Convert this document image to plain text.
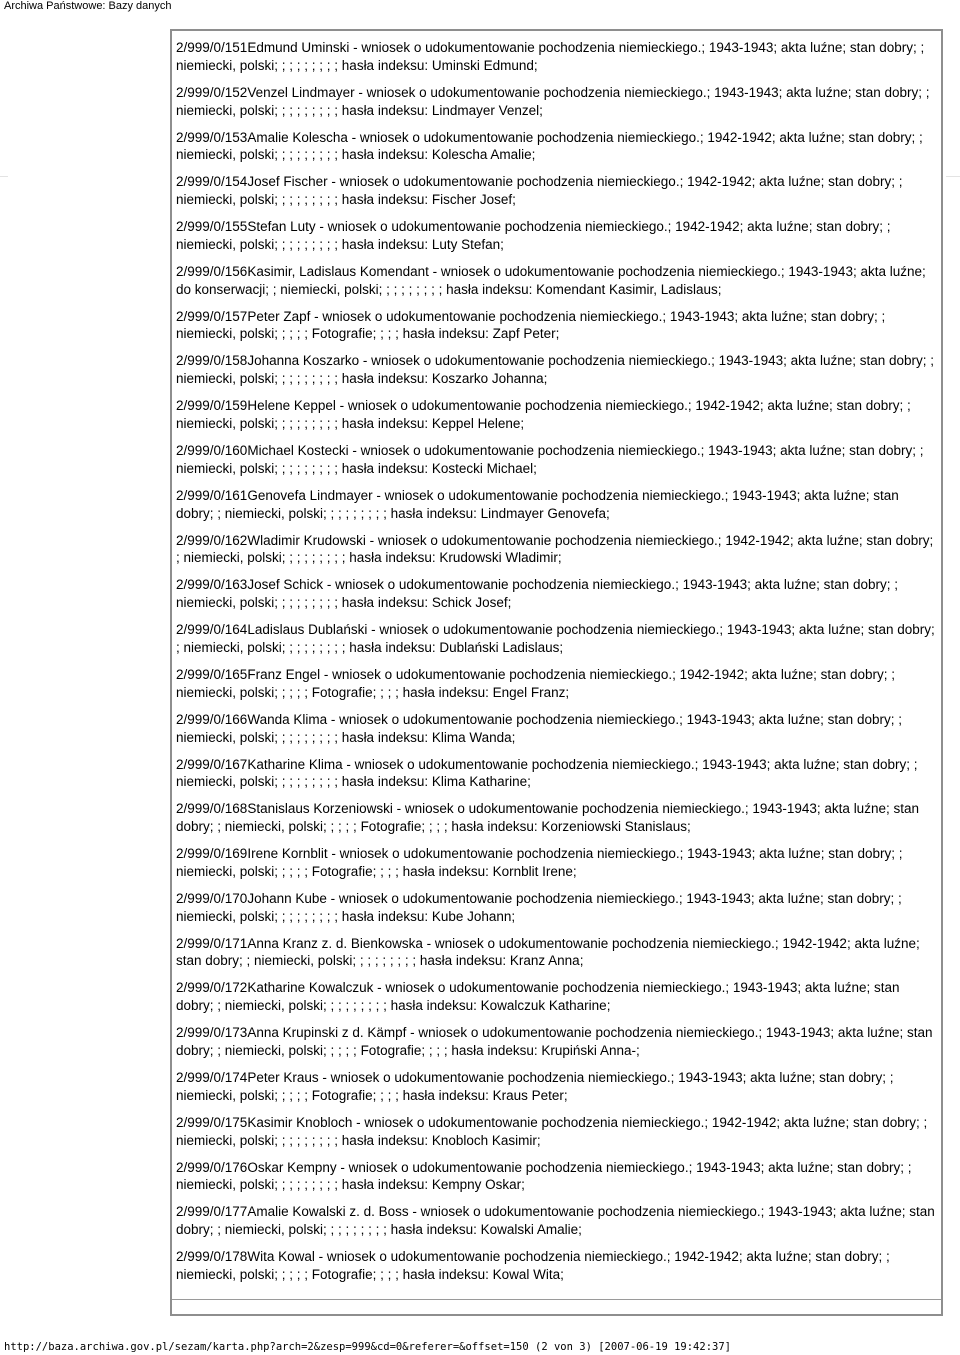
Archiwa Państwowe: Bazy danych
2/999/0/151Edmund Uminski - wniosek o udokumentowanie pochodzenia niemieckiego.; 1943-1943; akta luźne; stan dobry; ; niemiecki, polski; ; ; ; ; ; ; ; ; hasła indeksu: Uminski Edmund;
2/999/0/152Venzel Lindmayer - wniosek o udokumentowanie pochodzenia niemieckiego.; 1943-1943; akta luźne; stan dobry; ; niemiecki, polski; ; ; ; ; ; ; ; ; hasła indeksu: Lindmayer Venzel;
2/999/0/153Amalie Kolescha - wniosek o udokumentowanie pochodzenia niemieckiego.; 1942-1942; akta luźne; stan dobry; ; niemiecki, polski; ; ; ; ; ; ; ; ; hasła indeksu: Kolescha Amalie;
2/999/0/154Josef Fischer - wniosek o udokumentowanie pochodzenia niemieckiego.; 1942-1942; akta luźne; stan dobry; ; niemiecki, polski; ; ; ; ; ; ; ; ; hasła indeksu: Fischer Josef;
2/999/0/155Stefan Luty - wniosek o udokumentowanie pochodzenia niemieckiego.; 1942-1942; akta luźne; stan dobry; ; niemiecki, polski; ; ; ; ; ; ; ; ; hasła indeksu: Luty Stefan;
2/999/0/156Kasimir, Ladislaus Komendant - wniosek o udokumentowanie pochodzenia niemieckiego.; 1943-1943; akta luźne; do konserwacji; ; niemiecki, polski; ; ; ; ; ; ; ; ; hasła indeksu: Komendant Kasimir, Ladislaus;
2/999/0/157Peter Zapf - wniosek o udokumentowanie pochodzenia niemieckiego.; 1943-1943; akta luźne; stan dobry; ; niemiecki, polski; ; ; ; ; Fotografie; ; ; ; hasła indeksu: Zapf Peter;
2/999/0/158Johanna Koszarko - wniosek o udokumentowanie pochodzenia niemieckiego.; 1943-1943; akta luźne; stan dobry; ; niemiecki, polski; ; ; ; ; ; ; ; ; hasła indeksu: Koszarko Johanna;
2/999/0/159Helene Keppel - wniosek o udokumentowanie pochodzenia niemieckiego.; 1942-1942; akta luźne; stan dobry; ; niemiecki, polski; ; ; ; ; ; ; ; ; hasła indeksu: Keppel Helene;
2/999/0/160Michael Kostecki - wniosek o udokumentowanie pochodzenia niemieckiego.; 1943-1943; akta luźne; stan dobry; ; niemiecki, polski; ; ; ; ; ; ; ; ; hasła indeksu: Kostecki Michael;
2/999/0/161Genovefa Lindmayer - wniosek o udokumentowanie pochodzenia niemieckiego.; 1943-1943; akta luźne; stan dobry; ; niemiecki, polski; ; ; ; ; ; ; ; ; hasła indeksu: Lindmayer Genovefa;
2/999/0/162Wladimir Krudowski - wniosek o udokumentowanie pochodzenia niemieckiego.; 1942-1942; akta luźne; stan dobry; ; niemiecki, polski; ; ; ; ; ; ; ; ; hasła indeksu: Krudowski Wladimir;
2/999/0/163Josef Schick - wniosek o udokumentowanie pochodzenia niemieckiego.; 1943-1943; akta luźne; stan dobry; ; niemiecki, polski; ; ; ; ; ; ; ; ; hasła indeksu: Schick Josef;
2/999/0/164Ladislaus Dublański - wniosek o udokumentowanie pochodzenia niemieckiego.; 1943-1943; akta luźne; stan dobry; ; niemiecki, polski; ; ; ; ; ; ; ; ; hasła indeksu: Dublański Ladislaus;
2/999/0/165Franz Engel - wniosek o udokumentowanie pochodzenia niemieckiego.; 1942-1942; akta luźne; stan dobry; ; niemiecki, polski; ; ; ; ; Fotografie; ; ; ; hasła indeksu: Engel Franz;
2/999/0/166Wanda Klima - wniosek o udokumentowanie pochodzenia niemieckiego.; 1943-1943; akta luźne; stan dobry; ; niemiecki, polski; ; ; ; ; ; ; ; ; hasła indeksu: Klima Wanda;
2/999/0/167Katharine Klima - wniosek o udokumentowanie pochodzenia niemieckiego.; 1943-1943; akta luźne; stan dobry; ; niemiecki, polski; ; ; ; ; ; ; ; ; hasła indeksu: Klima Katharine;
2/999/0/168Stanislaus Korzeniowski - wniosek o udokumentowanie pochodzenia niemieckiego.; 1943-1943; akta luźne; stan dobry; ; niemiecki, polski; ; ; ; ; Fotografie; ; ; ; hasła indeksu: Korzeniowski Stanislaus;
2/999/0/169Irene Kornblit - wniosek o udokumentowanie pochodzenia niemieckiego.; 1943-1943; akta luźne; stan dobry; ; niemiecki, polski; ; ; ; ; Fotografie; ; ; ; hasła indeksu: Kornblit Irene;
2/999/0/170Johann Kube - wniosek o udokumentowanie pochodzenia niemieckiego.; 1943-1943; akta luźne; stan dobry; ; niemiecki, polski; ; ; ; ; ; ; ; ; hasła indeksu: Kube Johann;
2/999/0/171Anna Kranz z. d. Bienkowska - wniosek o udokumentowanie pochodzenia niemieckiego.; 1942-1942; akta luźne; stan dobry; ; niemiecki, polski; ; ; ; ; ; ; ; ; hasła indeksu: Kranz Anna;
2/999/0/172Katharine Kowalczuk - wniosek o udokumentowanie pochodzenia niemieckiego.; 1943-1943; akta luźne; stan dobry; ; niemiecki, polski; ; ; ; ; ; ; ; ; hasła indeksu: Kowalczuk Katharine;
2/999/0/173Anna Krupinski z d. Kämpf - wniosek o udokumentowanie pochodzenia niemieckiego.; 1943-1943; akta luźne; stan dobry; ; niemiecki, polski; ; ; ; ; Fotografie; ; ; ; hasła indeksu: Krupiński Anna-;
2/999/0/174Peter Kraus - wniosek o udokumentowanie pochodzenia niemieckiego.; 1943-1943; akta luźne; stan dobry; ; niemiecki, polski; ; ; ; ; Fotografie; ; ; ; hasła indeksu: Kraus Peter;
2/999/0/175Kasimir Knobloch - wniosek o udokumentowanie pochodzenia niemieckiego.; 1942-1942; akta luźne; stan dobry; ; niemiecki, polski; ; ; ; ; ; ; ; ; hasła indeksu: Knobloch Kasimir;
2/999/0/176Oskar Kempny - wniosek o udokumentowanie pochodzenia niemieckiego.; 1943-1943; akta luźne; stan dobry; ; niemiecki, polski; ; ; ; ; ; ; ; ; hasła indeksu: Kempny Oskar;
2/999/0/177Amalie Kowalski z. d. Boss - wniosek o udokumentowanie pochodzenia niemieckiego.; 1943-1943; akta luźne; stan dobry; ; niemiecki, polski; ; ; ; ; ; ; ; ; hasła indeksu: Kowalski Amalie;
2/999/0/178Wita Kowal - wniosek o udokumentowanie pochodzenia niemieckiego.; 1942-1942; akta luźne; stan dobry; ; niemiecki, polski; ; ; ; ; Fotografie; ; ; ; hasła indeksu: Kowal Wita;
http://baza.archiwa.gov.pl/sezam/karta.php?arch=2&zesp=999&cd=0&referer=&offset=150 (2 von 3) [2007-06-19 19:42:37]
